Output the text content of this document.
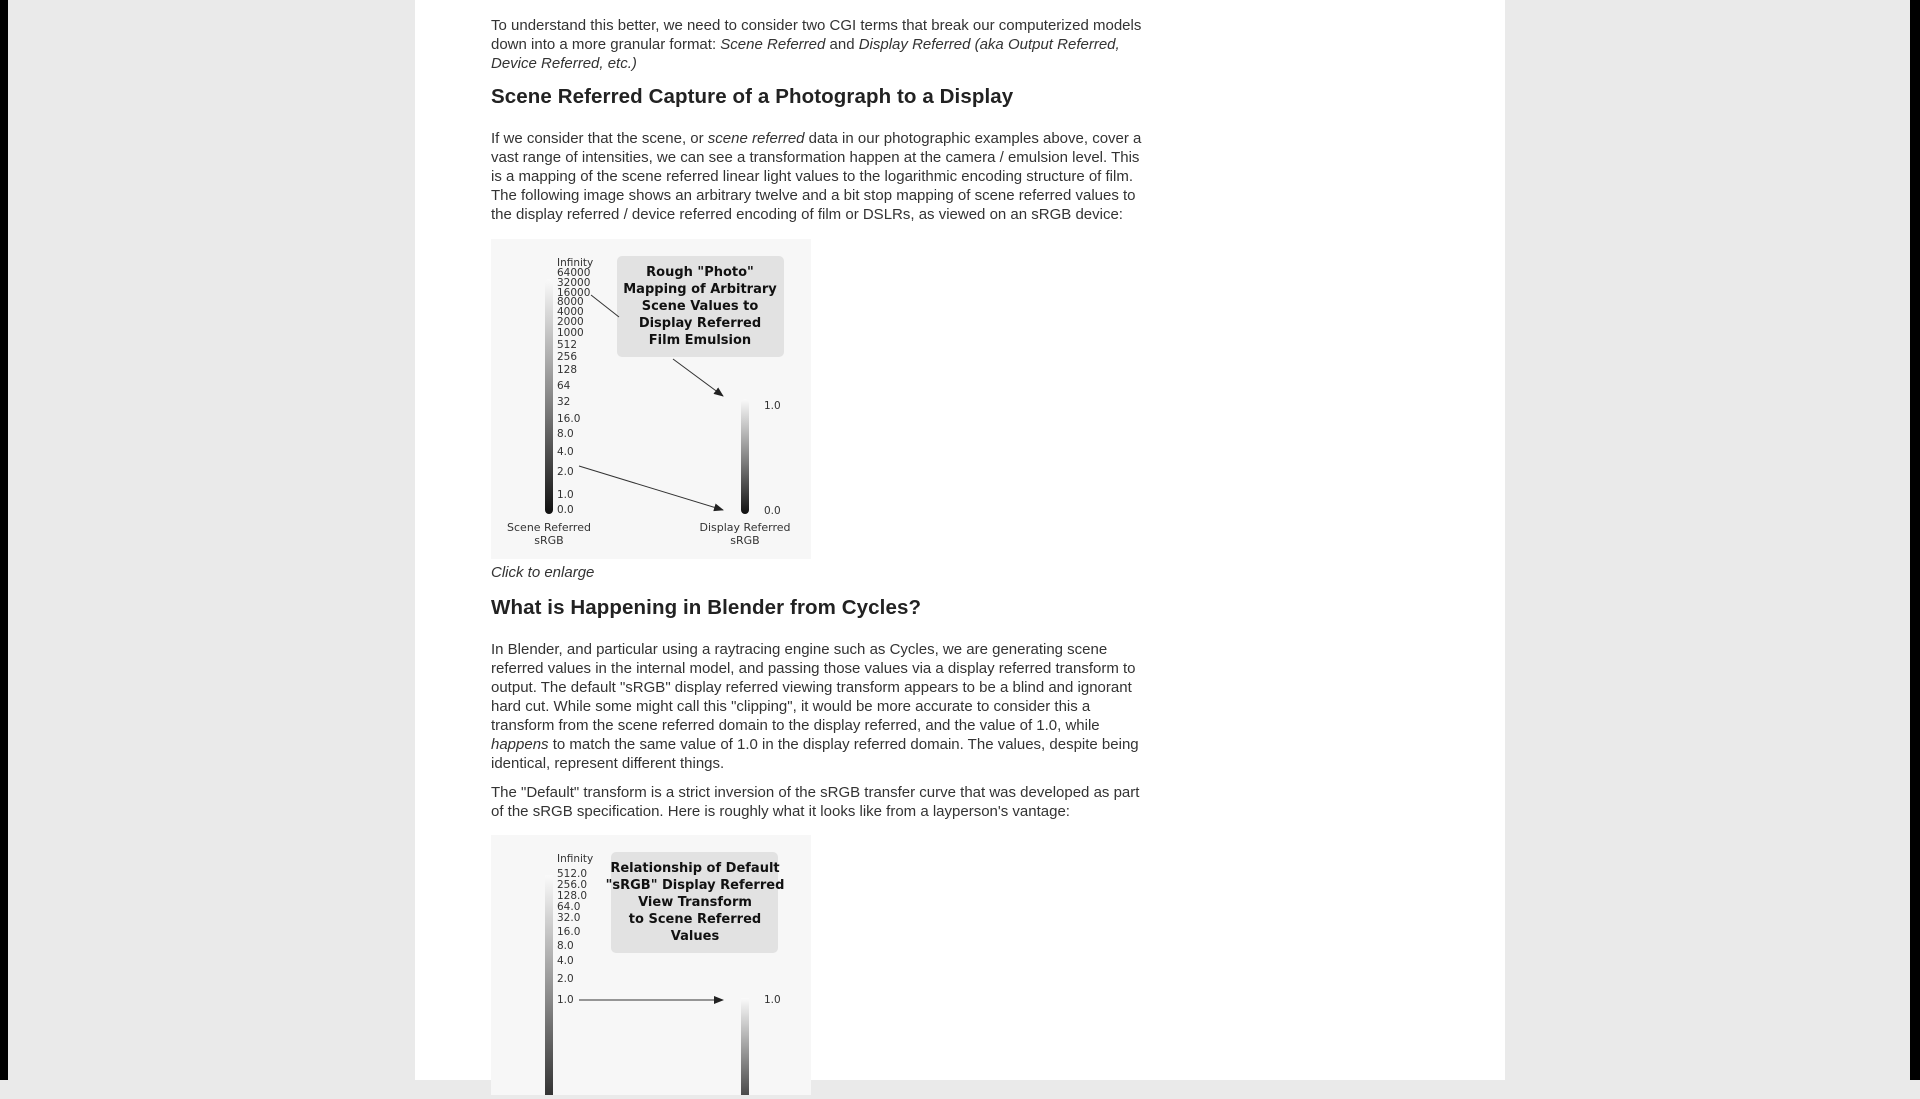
To understand this better, we need to consider two CGI terms that break our computerized models down into a more granular format: Scene Referred and Display Referred (aka Output Referred, Device Referred, etc.)

Scene Referred Capture of a Photograph to a Display

If we consider that the scene, or scene referred data in our photographic examples above, cover a vast range of intensities, we can see a transformation happen at the camera / emulsion level. This is a mapping of the scene referred linear light values to the logarithmic encoding structure of film. The following image shows an arbitrary twelve and a bit stop mapping of scene referred values to the display referred / device referred encoding of film or DSLRs, as viewed on an sRGB device:

Rough "Photo"
Mapping of Arbitrary
Scene Values to
Display Referred
Film Emulsion
Infinity
64000
32000
16000
8000
4000
2000
1000
512
256
128
64
32
16.0
8.0
4.0
2.0
1.0
0.0
1.0
0.0
Scene Referred
sRGB
Display Referred
sRGB

Click to enlarge

What is Happening in Blender from Cycles?

In Blender, and particular using a raytracing engine such as Cycles, we are generating scene referred values in the internal model, and passing those values via a display referred transform to output. The default "sRGB" display referred viewing transform appears to be a blind and ignorant hard cut. While some might call this "clipping", it would be more accurate to consider this a transform from the scene referred domain to the display referred, and the value of 1.0, while happens to match the same value of 1.0 in the display referred domain. The values, despite being identical, represent different things.

The "Default" transform is a strict inversion of the sRGB transfer curve that was developed as part of the sRGB specification. Here is roughly what it looks like from a layperson's vantage:

Relationship of Default
"sRGB" Display Referred
View Transform
to Scene Referred
Values
Infinity
512.0
256.0
128.0
64.0
32.0
16.0
8.0
4.0
2.0
1.0	1.0
